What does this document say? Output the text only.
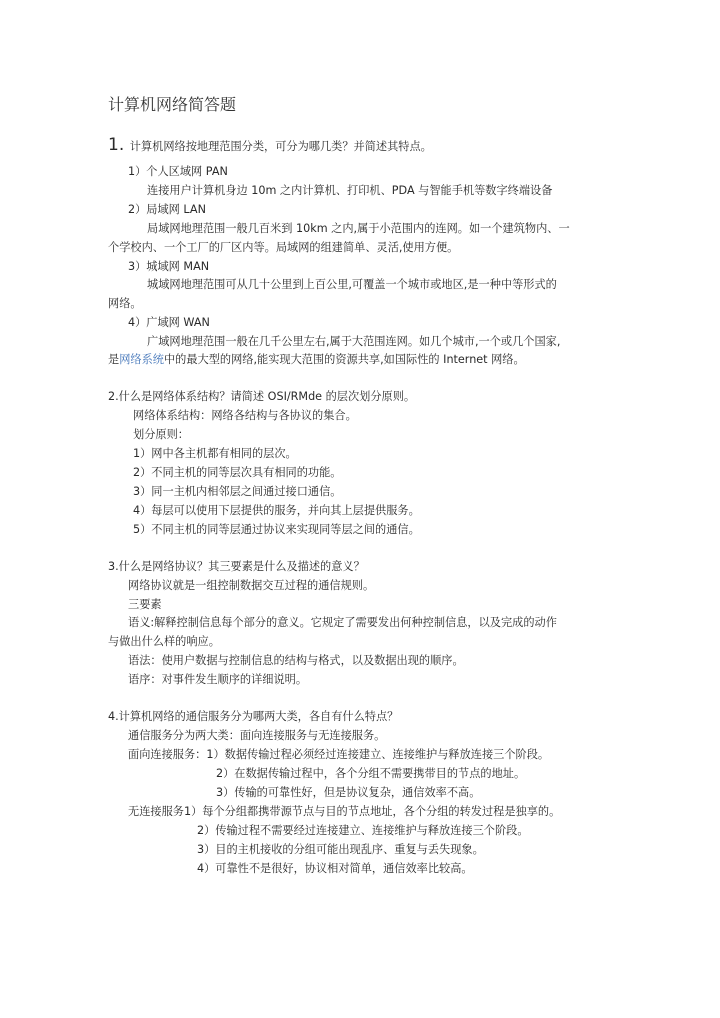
计算机网络简答题
1. 计算机网络按地理范围分类，可分为哪几类？并简述其特点。
1）个人区域网 PAN
连接用户计算机身边 10m 之内计算机、打印机、PDA 与智能手机等数字终端设备
2）局域网 LAN
局域网地理范围一般几百米到 10km 之内,属于小范围内的连网。如一个建筑物内、一
个学校内、一个工厂的厂区内等。局域网的组建简单、灵活,使用方便。
3）城域网 MAN
城域网地理范围可从几十公里到上百公里,可覆盖一个城市或地区,是一种中等形式的
网络。
4）广域网 WAN
广域网地理范围一般在几千公里左右,属于大范围连网。如几个城市,一个或几个国家,
是网络系统中的最大型的网络,能实现大范围的资源共享,如国际性的 Internet 网络。
2.什么是网络体系结构？请简述 OSI/RMde 的层次划分原则。
网络体系结构：网络各结构与各协议的集合。
划分原则：
1）网中各主机都有相同的层次。
2）不同主机的同等层次具有相同的功能。
3）同一主机内相邻层之间通过接口通信。
4）每层可以使用下层提供的服务，并向其上层提供服务。
5）不同主机的同等层通过协议来实现同等层之间的通信。
3.什么是网络协议？其三要素是什么及描述的意义？
网络协议就是一组控制数据交互过程的通信规则。
三要素
语义:解释控制信息每个部分的意义。它规定了需要发出何种控制信息，以及完成的动作
与做出什么样的响应。
语法：使用户数据与控制信息的结构与格式，以及数据出现的顺序。
语序：对事件发生顺序的详细说明。
4.计算机网络的通信服务分为哪两大类，各自有什么特点？
通信服务分为两大类：面向连接服务与无连接服务。
面向连接服务：1）数据传输过程必须经过连接建立、连接维护与释放连接三个阶段。
2）在数据传输过程中，各个分组不需要携带目的节点的地址。
3）传输的可靠性好，但是协议复杂，通信效率不高。
无连接服务1）每个分组都携带源节点与目的节点地址，各个分组的转发过程是独享的。
2）传输过程不需要经过连接建立、连接维护与释放连接三个阶段。
3）目的主机接收的分组可能出现乱序、重复与丢失现象。
4）可靠性不是很好，协议相对简单，通信效率比较高。
